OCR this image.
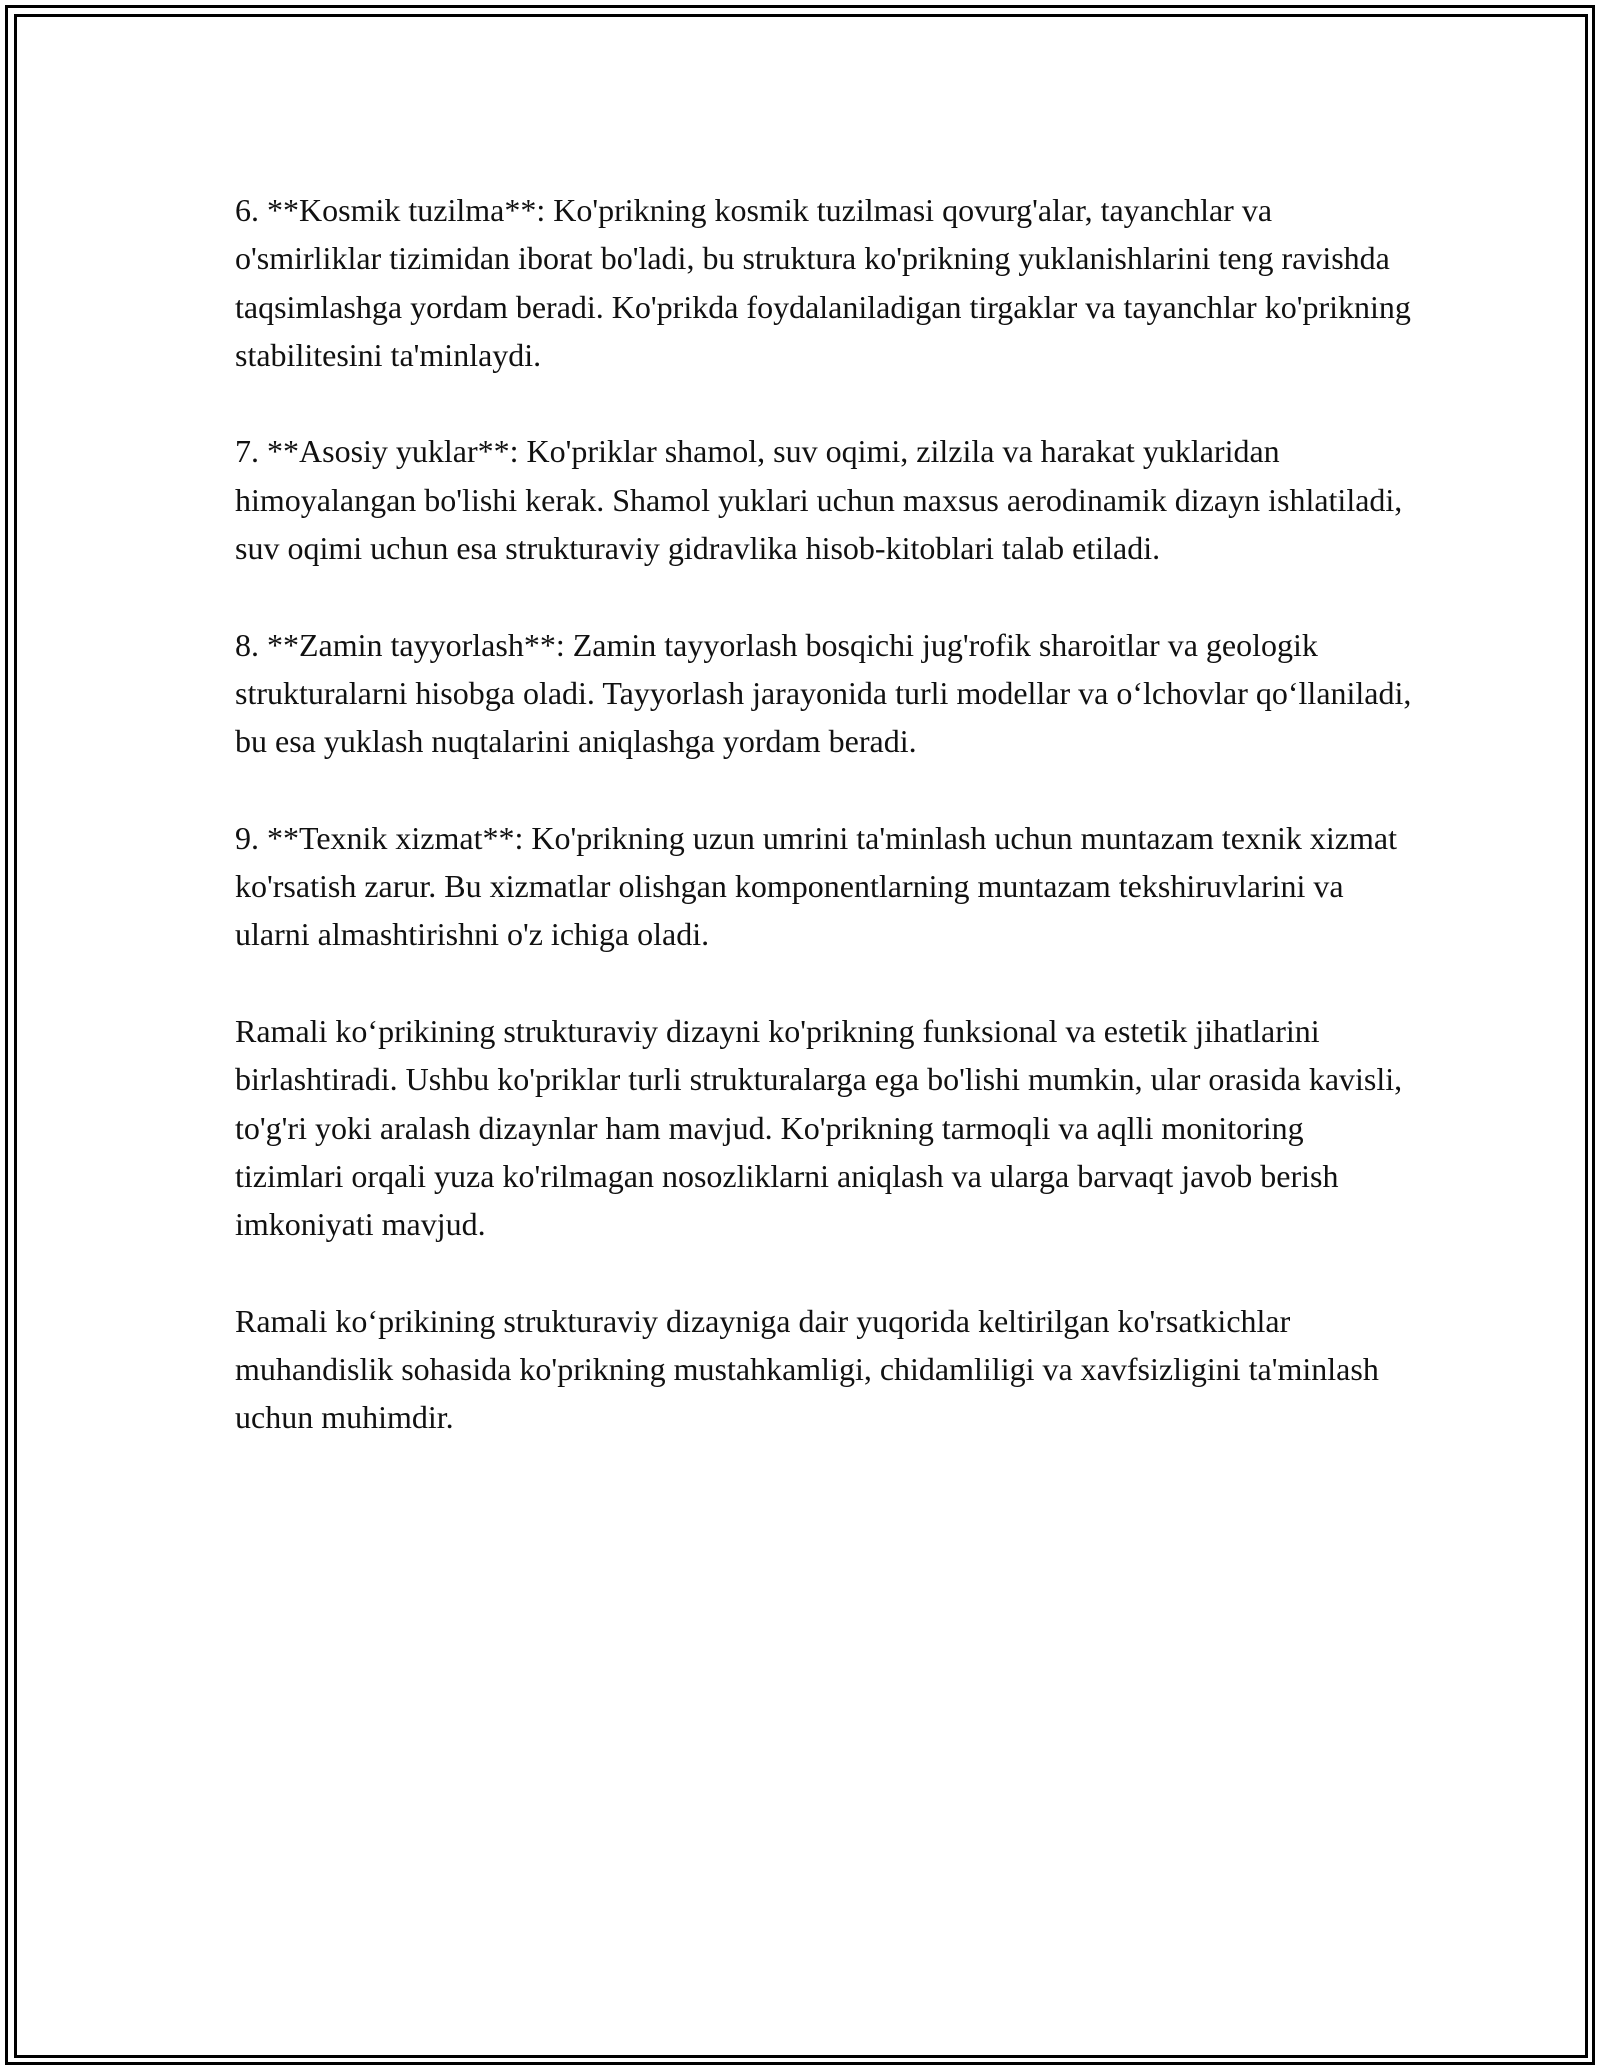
6. **Kosmik tuzilma**: Ko'prikning kosmik tuzilmasi qovurg'alar, tayanchlar va o'smirliklar tizimidan iborat bo'ladi, bu struktura ko'prikning yuklanishlarini teng ravishda taqsimlashga yordam beradi. Ko'prikda foydalaniladigan tirgaklar va tayanchlar ko'prikning stabilitesini ta'minlaydi.

7. **Asosiy yuklar**: Ko'priklar shamol, suv oqimi, zilzila va harakat yuklaridan himoyalangan bo'lishi kerak. Shamol yuklari uchun maxsus aerodinamik dizayn ishlatiladi, suv oqimi uchun esa strukturaviy gidravlika hisob-kitoblari talab etiladi.

8. **Zamin tayyorlash**: Zamin tayyorlash bosqichi jug'rofik sharoitlar va geologik strukturalarni hisobga oladi. Tayyorlash jarayonida turli modellar va o‘lchovlar qo‘llaniladi, bu esa yuklash nuqtalarini aniqlashga yordam beradi.

9. **Texnik xizmat**: Ko'prikning uzun umrini ta'minlash uchun muntazam texnik xizmat ko'rsatish zarur. Bu xizmatlar olishgan komponentlarning muntazam tekshiruvlarini va ularni almashtirishni o'z ichiga oladi.

Ramali ko‘prikining strukturaviy dizayni ko'prikning funksional va estetik jihatlarini birlashtiradi. Ushbu ko'priklar turli strukturalarga ega bo'lishi mumkin, ular orasida kavisli, to'g'ri yoki aralash dizaynlar ham mavjud. Ko'prikning tarmoqli va aqlli monitoring tizimlari orqali yuza ko'rilmagan nosozliklarni aniqlash va ularga barvaqt javob berish imkoniyati mavjud.

Ramali ko‘prikining strukturaviy dizayniga dair yuqorida keltirilgan ko'rsatkichlar muhandislik sohasida ko'prikning mustahkamligi, chidamliligi va xavfsizligini ta'minlash uchun muhimdir.
